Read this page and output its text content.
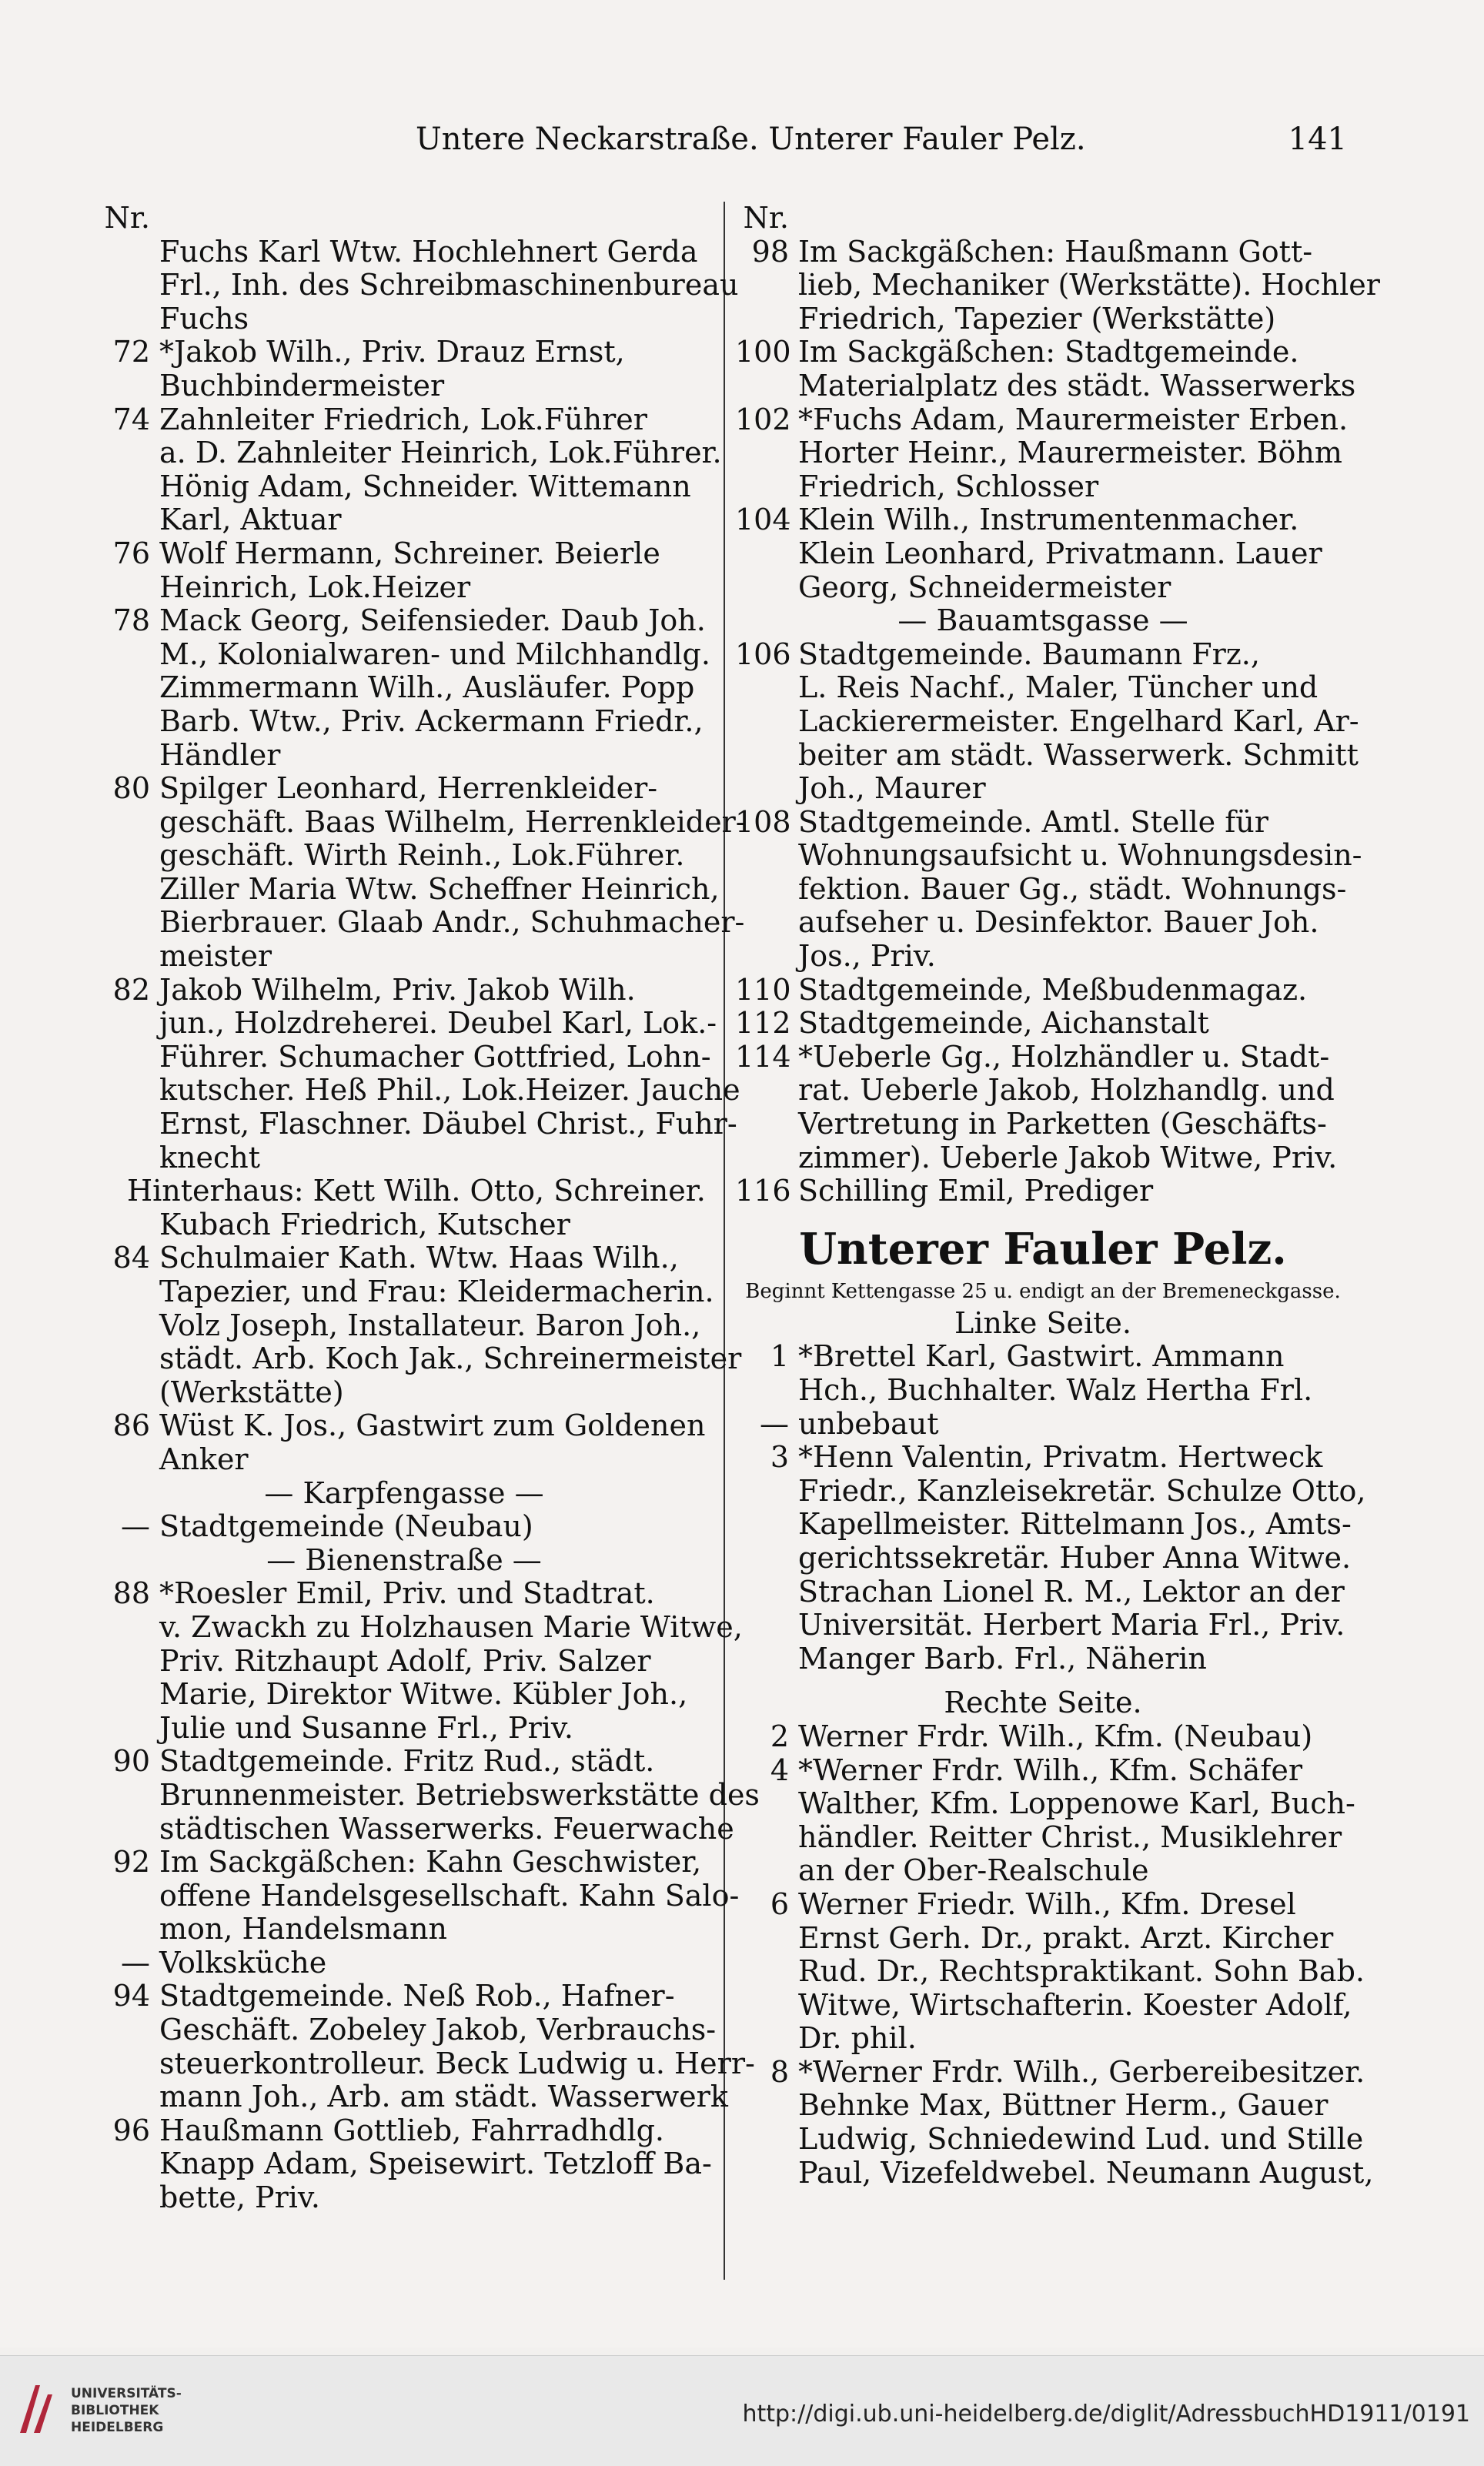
Untere Neckarstraße. Unterer Fauler Pelz.	141
Nr.
Fuchs Karl Wtw. Hochlehnert Gerda
Frl., Inh. des Schreibmaschinenbureau
Fuchs
72 *Jakob Wilh., Priv. Drauz Ernst,
Buchbindermeister
74 Zahnleiter Friedrich, Lok.Führer
a. D. Zahnleiter Heinrich, Lok.Führer.
Hönig Adam, Schneider. Wittemann
Karl, Aktuar
76 Wolf Hermann, Schreiner. Beierle
Heinrich, Lok.Heizer
78 Mack Georg, Seifensieder. Daub Joh.
M., Kolonialwaren- und Milchhandlg.
Zimmermann Wilh., Ausläufer. Popp
Barb. Wtw., Priv. Ackermann Friedr.,
Händler
80 Spilger Leonhard, Herrenkleider-
geschäft. Baas Wilhelm, Herrenkleider-
geschäft. Wirth Reinh., Lok.Führer.
Ziller Maria Wtw. Scheffner Heinrich,
Bierbrauer. Glaab Andr., Schuhmacher-
meister
82 Jakob Wilhelm, Priv. Jakob Wilh.
jun., Holzdreherei. Deubel Karl, Lok.-
Führer. Schumacher Gottfried, Lohn-
kutscher. Heß Phil., Lok.Heizer. Jauche
Ernst, Flaschner. Däubel Christ., Fuhr-
knecht
Hinterhaus: Kett Wilh. Otto, Schreiner.
Kubach Friedrich, Kutscher
84 Schulmaier Kath. Wtw. Haas Wilh.,
Tapezier, und Frau: Kleidermacherin.
Volz Joseph, Installateur. Baron Joh.,
städt. Arb. Koch Jak., Schreinermeister
(Werkstätte)
86 Wüst K. Jos., Gastwirt zum Goldenen
Anker
— Karpfengasse —
— Stadtgemeinde (Neubau)
— Bienenstraße —
88 *Roesler Emil, Priv. und Stadtrat.
v. Zwackh zu Holzhausen Marie Witwe,
Priv. Ritzhaupt Adolf, Priv. Salzer
Marie, Direktor Witwe. Kübler Joh.,
Julie und Susanne Frl., Priv.
90 Stadtgemeinde. Fritz Rud., städt.
Brunnenmeister. Betriebswerkstätte des
städtischen Wasserwerks. Feuerwache
92 Im Sackgäßchen: Kahn Geschwister,
offene Handelsgesellschaft. Kahn Salo-
mon, Handelsmann
— Volksküche
94 Stadtgemeinde. Neß Rob., Hafner-
Geschäft. Zobeley Jakob, Verbrauchs-
steuerkontrolleur. Beck Ludwig u. Herr-
mann Joh., Arb. am städt. Wasserwerk
96 Haußmann Gottlieb, Fahrradhdlg.
Knapp Adam, Speisewirt. Tetzloff Ba-
bette, Priv.
Nr.
98 Im Sackgäßchen: Haußmann Gott-
lieb, Mechaniker (Werkstätte). Hochler
Friedrich, Tapezier (Werkstätte)
100 Im Sackgäßchen: Stadtgemeinde.
Materialplatz des städt. Wasserwerks
102 *Fuchs Adam, Maurermeister Erben.
Horter Heinr., Maurermeister. Böhm
Friedrich, Schlosser
104 Klein Wilh., Instrumentenmacher.
Klein Leonhard, Privatmann. Lauer
Georg, Schneidermeister
— Bauamtsgasse —
106 Stadtgemeinde. Baumann Frz.,
L. Reis Nachf., Maler, Tüncher und
Lackierermeister. Engelhard Karl, Ar-
beiter am städt. Wasserwerk. Schmitt
Joh., Maurer
108 Stadtgemeinde. Amtl. Stelle für
Wohnungsaufsicht u. Wohnungsdesin-
fektion. Bauer Gg., städt. Wohnungs-
aufseher u. Desinfektor. Bauer Joh.
Jos., Priv.
110 Stadtgemeinde, Meßbudenmagaz.
112 Stadtgemeinde, Aichanstalt
114 *Ueberle Gg., Holzhändler u. Stadt-
rat. Ueberle Jakob, Holzhandlg. und
Vertretung in Parketten (Geschäfts-
zimmer). Ueberle Jakob Witwe, Priv.
116 Schilling Emil, Prediger
Unterer Fauler Pelz.
Beginnt Kettengasse 25 u. endigt an der Bremeneckgasse.
Linke Seite.
1 *Brettel Karl, Gastwirt. Ammann
Hch., Buchhalter. Walz Hertha Frl.
— unbebaut
3 *Henn Valentin, Privatm. Hertweck
Friedr., Kanzleisekretär. Schulze Otto,
Kapellmeister. Rittelmann Jos., Amts-
gerichtssekretär. Huber Anna Witwe.
Strachan Lionel R. M., Lektor an der
Universität. Herbert Maria Frl., Priv.
Manger Barb. Frl., Näherin
Rechte Seite.
2 Werner Frdr. Wilh., Kfm. (Neubau)
4 *Werner Frdr. Wilh., Kfm. Schäfer
Walther, Kfm. Loppenowe Karl, Buch-
händler. Reitter Christ., Musiklehrer
an der Ober-Realschule
6 Werner Friedr. Wilh., Kfm. Dresel
Ernst Gerh. Dr., prakt. Arzt. Kircher
Rud. Dr., Rechtspraktikant. Sohn Bab.
Witwe, Wirtschafterin. Koester Adolf,
Dr. phil.
8 *Werner Frdr. Wilh., Gerbereibesitzer.
Behnke Max, Büttner Herm., Gauer
Ludwig, Schniedewind Lud. und Stille
Paul, Vizefeldwebel. Neumann August,
UNIVERSITÄTS-
BIBLIOTHEK
HEIDELBERG	http://digi.ub.uni-heidelberg.de/diglit/AdressbuchHD1911/0191
